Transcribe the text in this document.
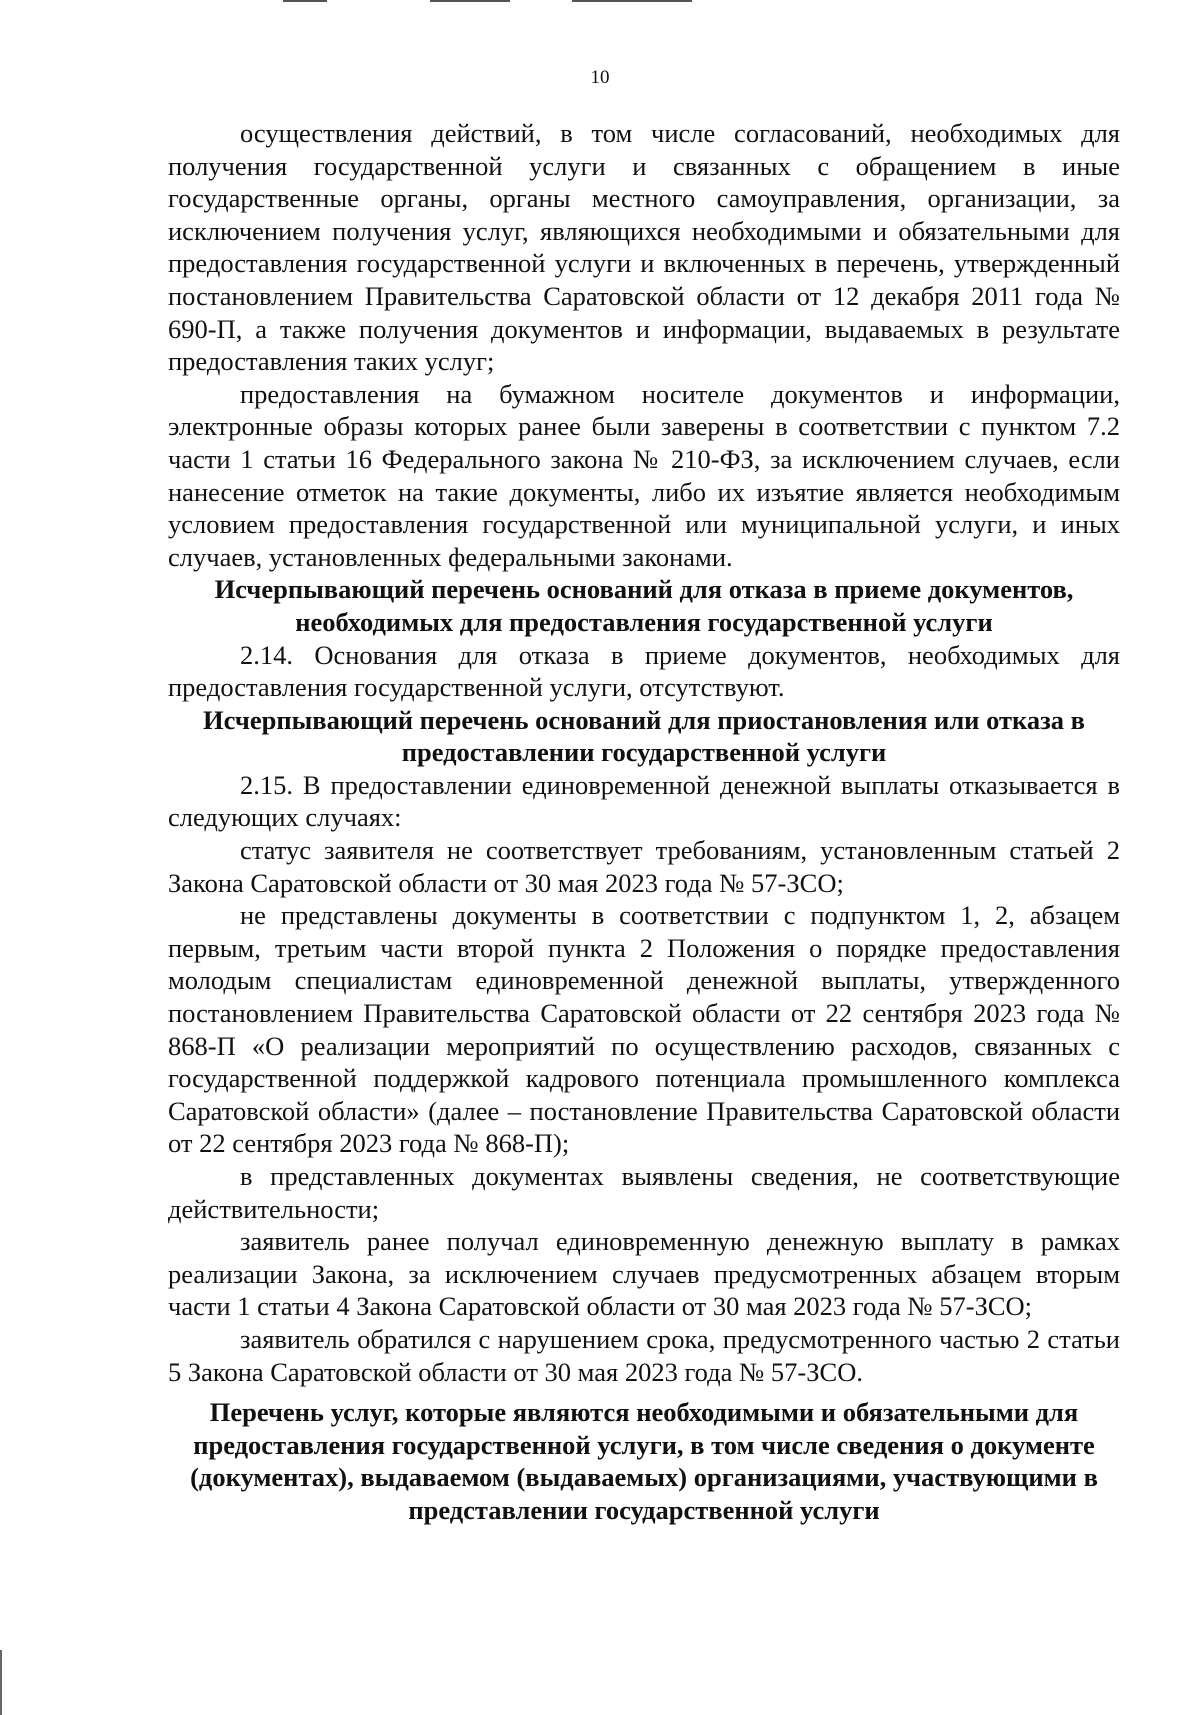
10

осуществления действий, в том числе согласований, необходимых для получения государственной услуги и связанных с обращением в иные государственные органы, органы местного самоуправления, организации, за исключением получения услуг, являющихся необходимыми и обязательными для предоставления государственной услуги и включенных в перечень, утвержденный постановлением Правительства Саратовской области от 12 декабря 2011 года № 690-П, а также получения документов и информации, выдаваемых в результате предоставления таких услуг;

предоставления на бумажном носителе документов и информации, электронные образы которых ранее были заверены в соответствии с пунктом 7.2 части 1 статьи 16 Федерального закона № 210-ФЗ, за исключением случаев, если нанесение отметок на такие документы, либо их изъятие является необходимым условием предоставления государственной или муниципальной услуги, и иных случаев, установленных федеральными законами.

Исчерпывающий перечень оснований для отказа в приеме документов, необходимых для предоставления государственной услуги

2.14. Основания для отказа в приеме документов, необходимых для предоставления государственной услуги, отсутствуют.

Исчерпывающий перечень оснований для приостановления или отказа в предоставлении государственной услуги

2.15. В предоставлении единовременной денежной выплаты отказывается в следующих случаях:

статус заявителя не соответствует требованиям, установленным статьей 2 Закона Саратовской области от 30 мая 2023 года № 57-ЗСО;

не представлены документы в соответствии с подпунктом 1, 2, абзацем первым, третьим части второй пункта 2 Положения о порядке предоставления молодым специалистам единовременной денежной выплаты, утвержденного постановлением Правительства Саратовской области от 22 сентября 2023 года № 868-П «О реализации мероприятий по осуществлению расходов, связанных с государственной поддержкой кадрового потенциала промышленного комплекса Саратовской области» (далее – постановление Правительства Саратовской области от 22 сентября 2023 года № 868-П);

в представленных документах выявлены сведения, не соответствующие действительности;

заявитель ранее получал единовременную денежную выплату в рамках реализации Закона, за исключением случаев предусмотренных абзацем вторым части 1 статьи 4 Закона Саратовской области от 30 мая 2023 года № 57-ЗСО;

заявитель обратился с нарушением срока, предусмотренного частью 2 статьи 5 Закона Саратовской области от 30 мая 2023 года № 57-ЗСО.

Перечень услуг, которые являются необходимыми и обязательными для предоставления государственной услуги, в том числе сведения о документе (документах), выдаваемом (выдаваемых) организациями, участвующими в представлении государственной услуги
